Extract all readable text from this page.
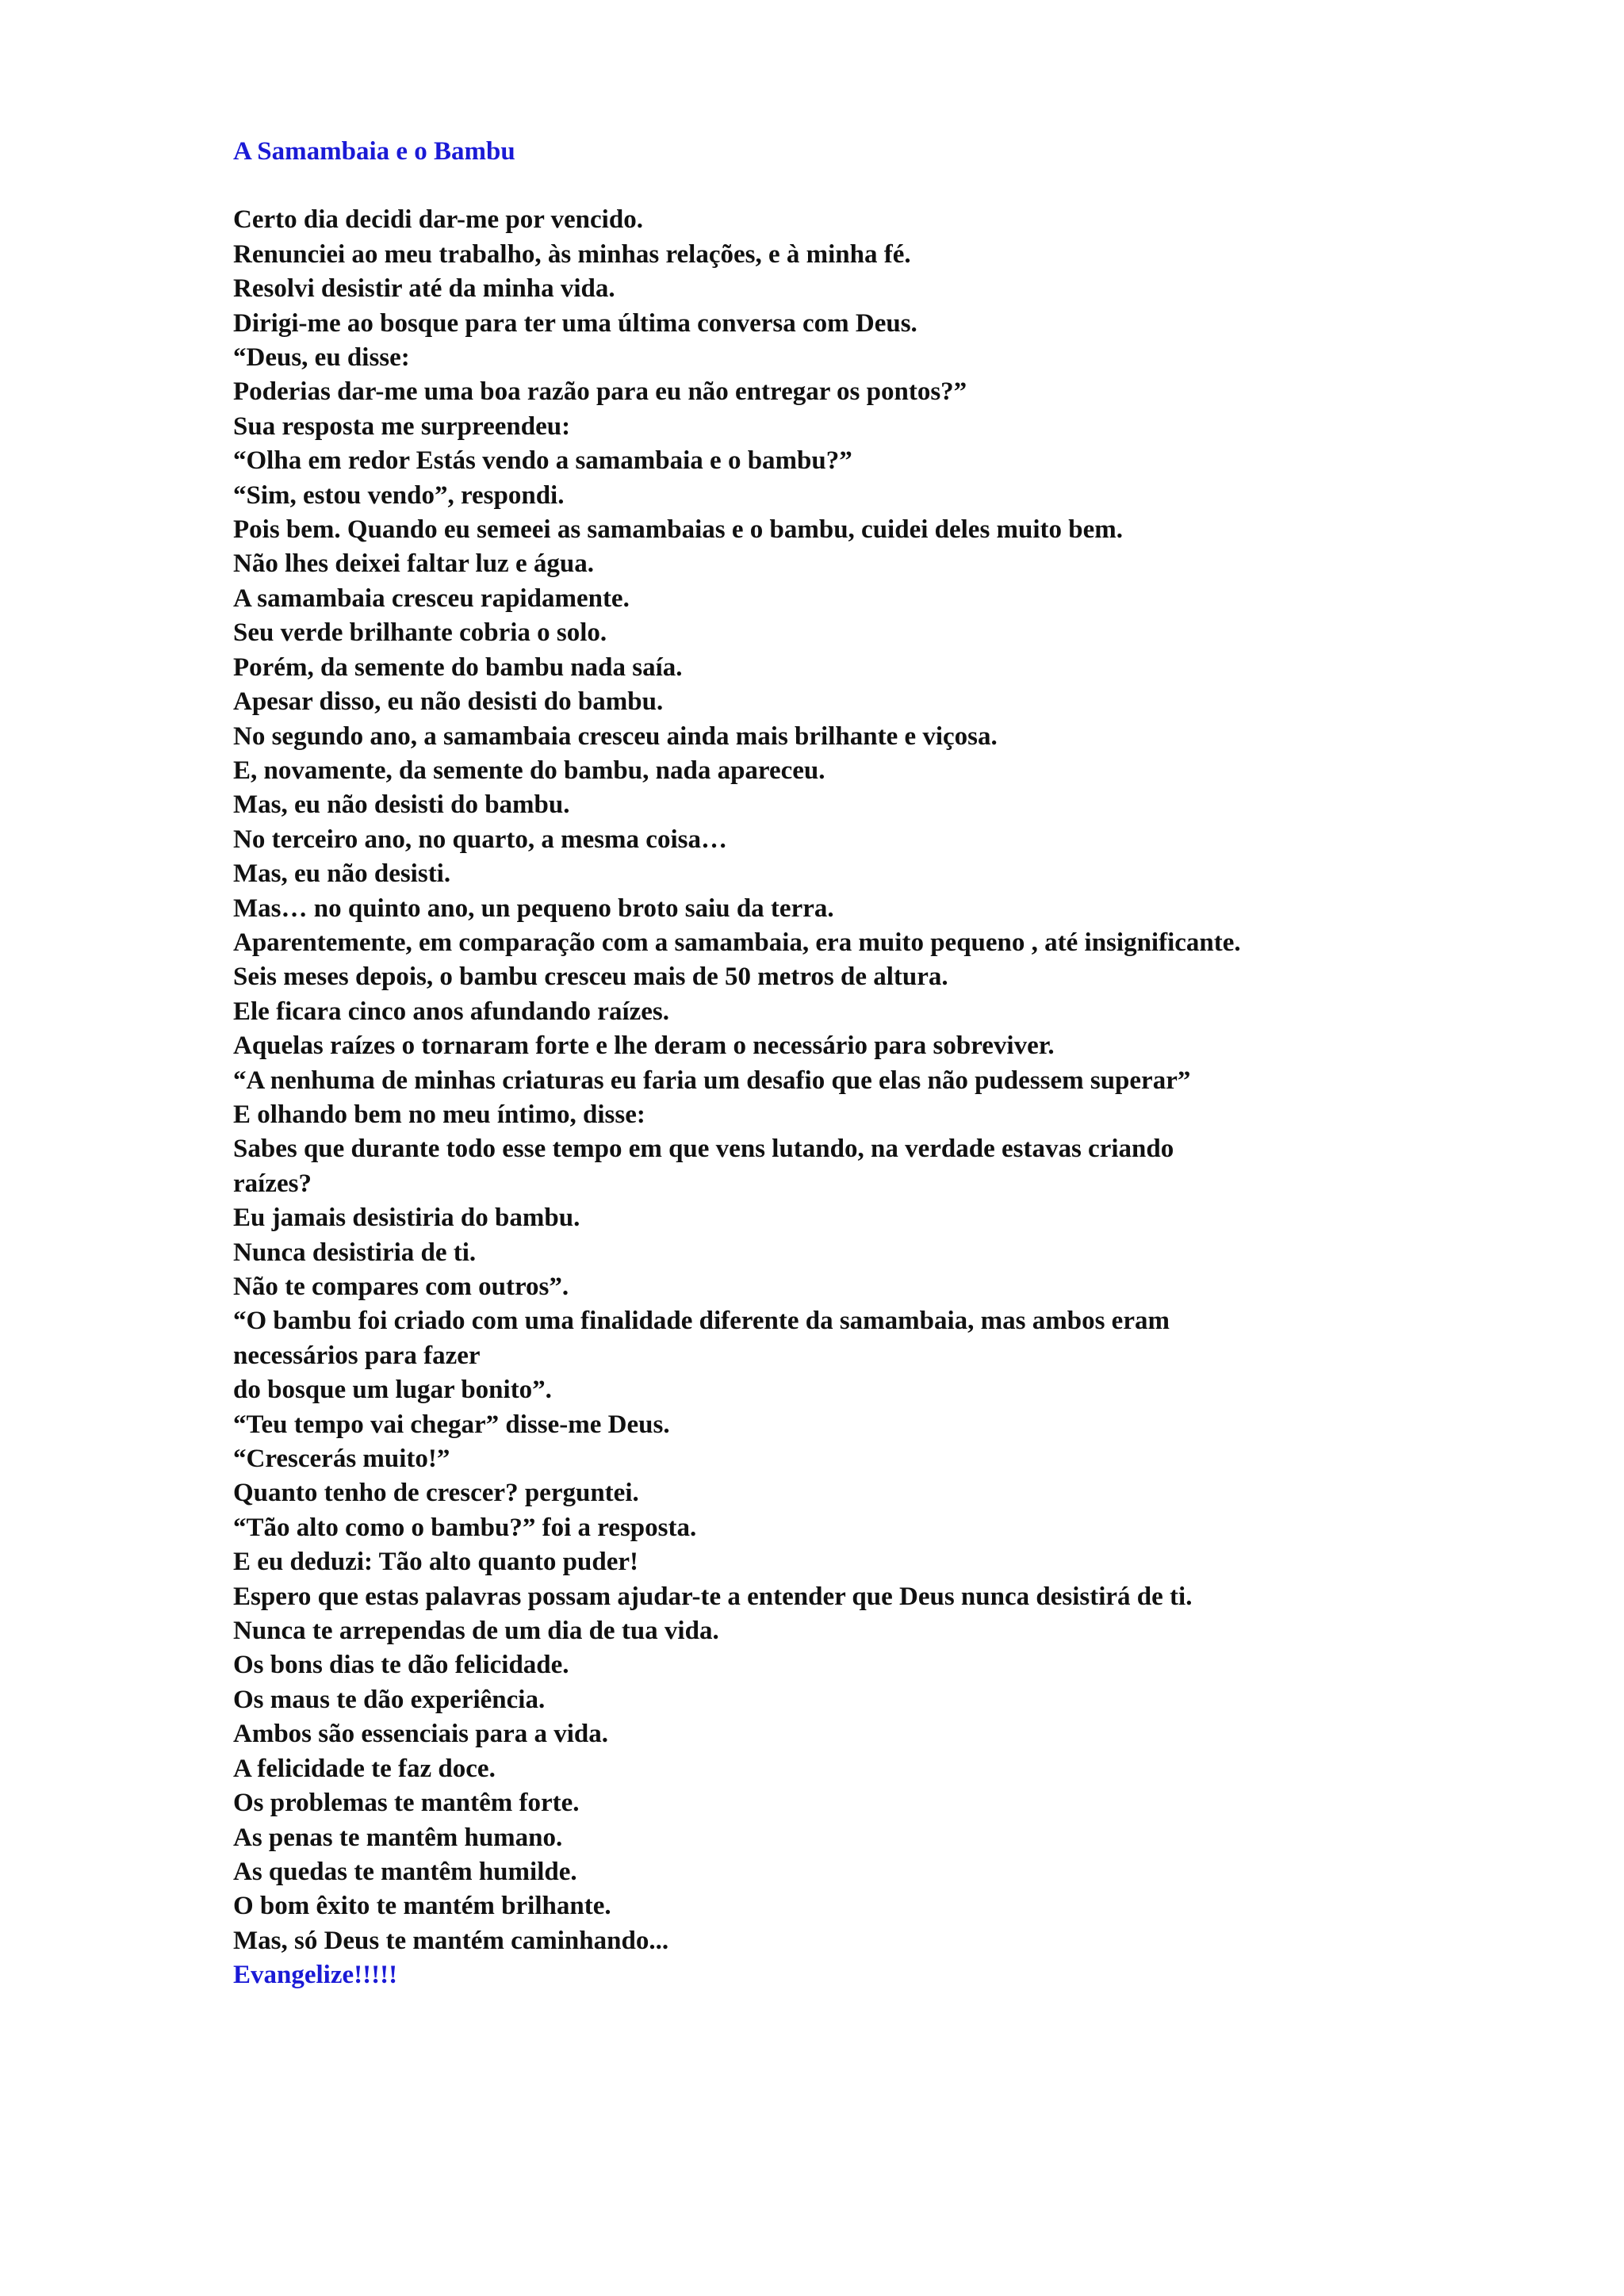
A Samambaia e o Bambu
Certo dia decidi dar-me por vencido.
Renunciei ao meu trabalho, às minhas relações, e à minha fé.
Resolvi desistir até da minha vida.
Dirigi-me ao bosque para ter uma última conversa com Deus.
“Deus, eu disse:
Poderias dar-me uma boa razão para eu não entregar os pontos?”
Sua resposta me surpreendeu:
“Olha em redor Estás vendo a samambaia e o bambu?”
“Sim, estou vendo”, respondi.
Pois bem. Quando eu semeei as samambaias e o bambu, cuidei deles muito bem.
Não lhes deixei faltar luz e água.
A samambaia cresceu rapidamente.
Seu verde brilhante cobria o solo.
Porém, da semente do bambu nada saía.
Apesar disso, eu não desisti do bambu.
No segundo ano, a samambaia cresceu ainda mais brilhante e viçosa.
E, novamente, da semente do bambu, nada apareceu.
Mas, eu não desisti do bambu.
No terceiro ano, no quarto, a mesma coisa…
Mas, eu não desisti.
Mas… no quinto ano, un pequeno broto saiu da terra.
Aparentemente, em comparação com a samambaia, era muito pequeno , até insignificante.
Seis meses depois, o bambu cresceu mais de 50 metros de altura.
Ele ficara cinco anos afundando raízes.
Aquelas raízes o tornaram forte e lhe deram o necessário para sobreviver.
“A nenhuma de minhas criaturas eu faria um desafio que elas não pudessem superar”
E olhando bem no meu íntimo, disse:
Sabes que durante todo esse tempo em que vens lutando, na verdade estavas criando
raízes?
Eu jamais desistiria do bambu.
Nunca desistiria de ti.
Não te compares com outros”.
“O bambu foi criado com uma finalidade diferente da samambaia, mas ambos eram
necessários para fazer
do bosque um lugar bonito”.
“Teu tempo vai chegar” disse-me Deus.
“Crescerás muito!”
Quanto tenho de crescer? perguntei.
“Tão alto como o bambu?” foi a resposta.
E eu deduzi: Tão alto quanto puder!
Espero que estas palavras possam ajudar-te a entender que Deus nunca desistirá de ti.
Nunca te arrependas de um dia de tua vida.
Os bons dias te dão felicidade.
Os maus te dão experiência.
Ambos são essenciais para a vida.
A felicidade te faz doce.
Os problemas te mantêm forte.
As penas te mantêm humano.
As quedas te mantêm humilde.
O bom êxito te mantém brilhante.
Mas, só Deus te mantém caminhando...
Evangelize!!!!!
